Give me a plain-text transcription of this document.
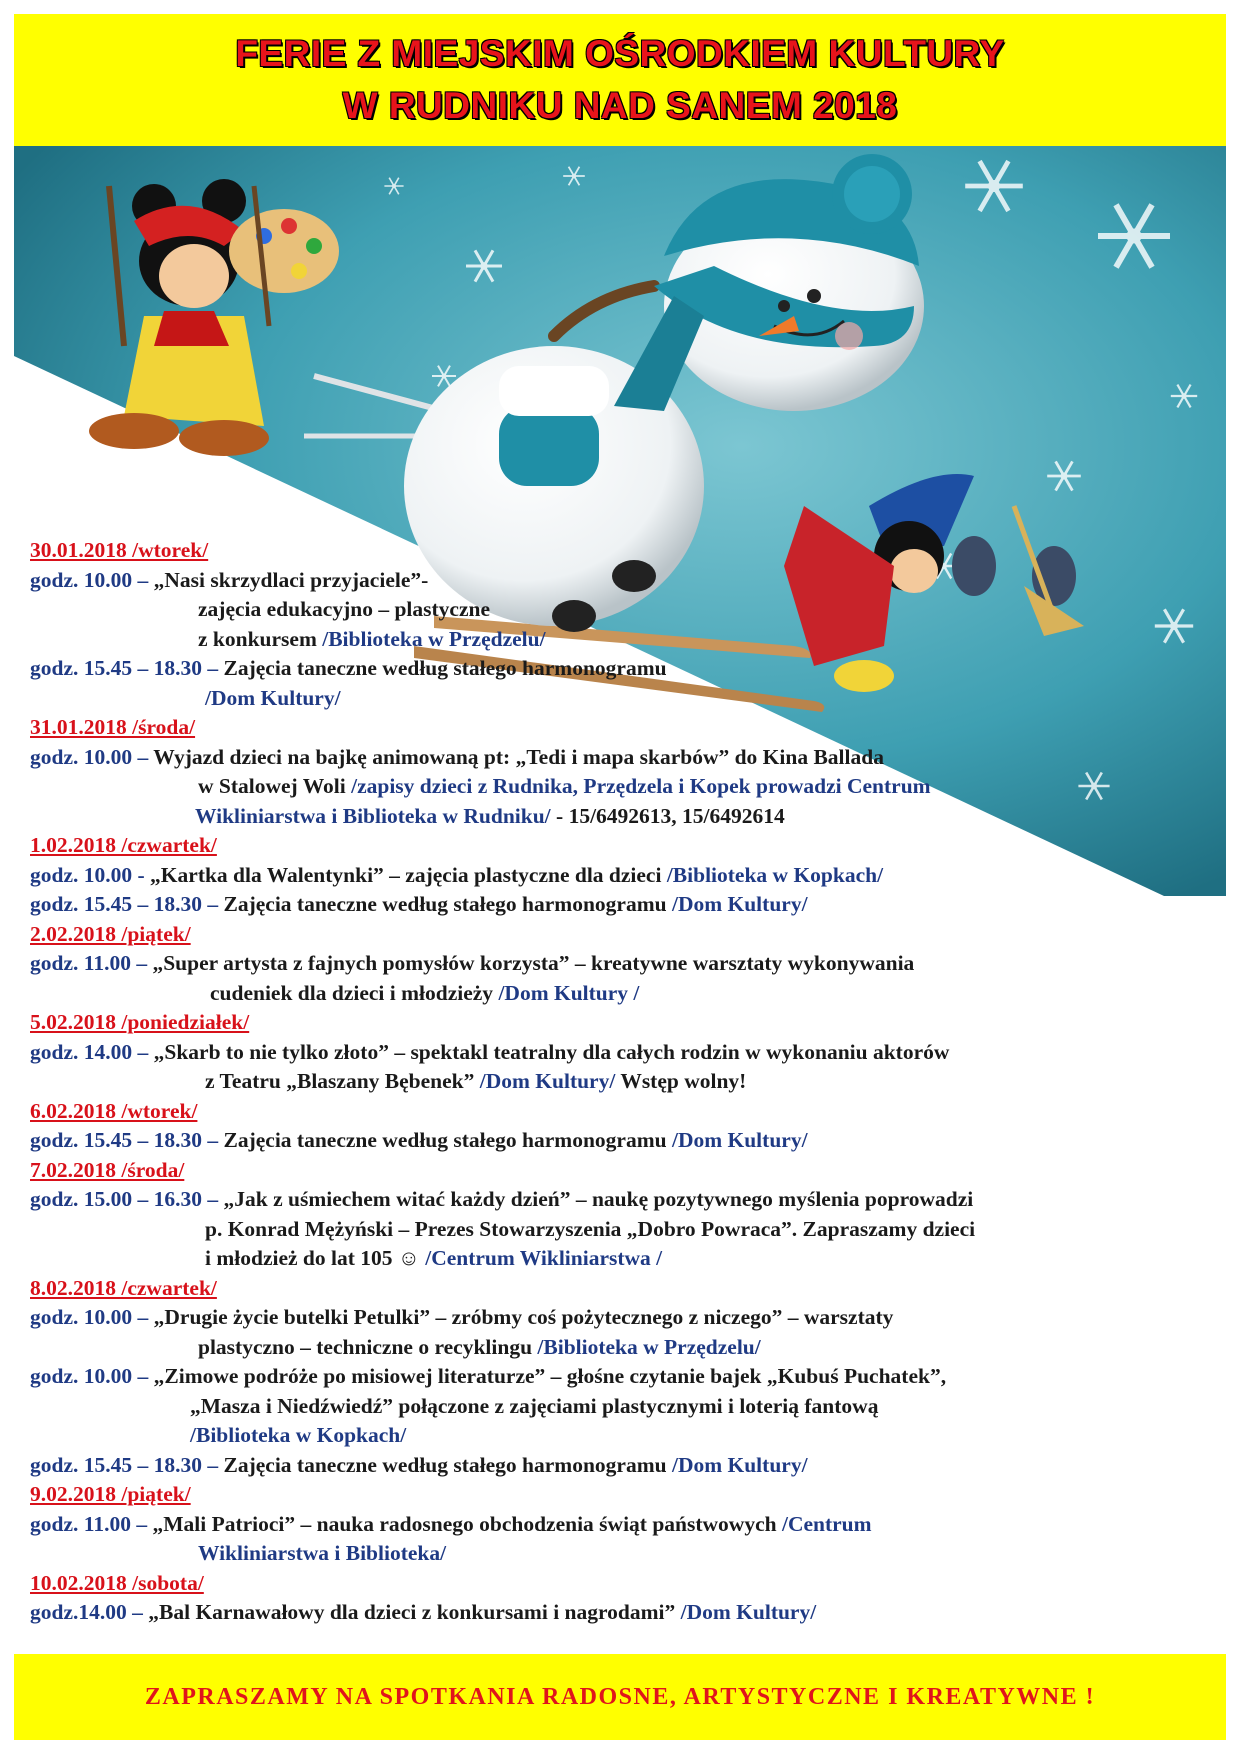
FERIE Z MIEJSKIM OŚRODKIEM KULTURY
W RUDNIKU NAD SANEM 2018
30.01.2018 /wtorek/
godz. 10.00 – „Nasi skrzydlaci przyjaciele”-
zajęcia edukacyjno – plastyczne
z konkursem /Biblioteka w Przędzelu/
godz. 15.45 – 18.30 – Zajęcia taneczne według stałego harmonogramu
/Dom Kultury/
31.01.2018 /środa/
godz. 10.00 – Wyjazd dzieci na bajkę animowaną pt: „Tedi i mapa skarbów” do Kina Ballada
w Stalowej Woli /zapisy dzieci z Rudnika, Przędzela i Kopek prowadzi Centrum
Wikliniarstwa i Biblioteka w Rudniku/ - 15/6492613, 15/6492614
1.02.2018 /czwartek/
godz. 10.00 - „Kartka dla Walentynki” – zajęcia plastyczne dla dzieci /Biblioteka w Kopkach/
godz. 15.45 – 18.30 – Zajęcia taneczne według stałego harmonogramu /Dom Kultury/
2.02.2018 /piątek/
godz. 11.00 – „Super artysta z fajnych pomysłów korzysta” – kreatywne warsztaty wykonywania
cudeniek dla dzieci i młodzieży /Dom Kultury /
5.02.2018 /poniedziałek/
godz. 14.00 – „Skarb to nie tylko złoto” – spektakl teatralny dla całych rodzin w wykonaniu aktorów
z Teatru „Blaszany Bębenek” /Dom Kultury/ Wstęp wolny!
6.02.2018 /wtorek/
godz. 15.45 – 18.30 – Zajęcia taneczne według stałego harmonogramu /Dom Kultury/
7.02.2018 /środa/
godz. 15.00 – 16.30 – „Jak z uśmiechem witać każdy dzień” – naukę pozytywnego myślenia poprowadzi
p. Konrad Mężyński – Prezes Stowarzyszenia „Dobro Powraca”. Zapraszamy dzieci
i młodzież do lat 105 ☺ /Centrum Wikliniarstwa /
8.02.2018 /czwartek/
godz. 10.00 – „Drugie życie butelki Petulki” – zróbmy coś pożytecznego z niczego” – warsztaty
plastyczno – techniczne o recyklingu /Biblioteka w Przędzelu/
godz. 10.00 – „Zimowe podróże po misiowej literaturze” – głośne czytanie bajek „Kubuś Puchatek”,
„Masza i Niedźwiedź” połączone z zajęciami plastycznymi i loterią fantową
/Biblioteka w Kopkach/
godz. 15.45 – 18.30 – Zajęcia taneczne według stałego harmonogramu /Dom Kultury/
9.02.2018 /piątek/
godz. 11.00 – „Mali Patrioci” – nauka radosnego obchodzenia świąt państwowych /Centrum
Wikliniarstwa i Biblioteka/
10.02.2018 /sobota/
godz.14.00 – „Bal Karnawałowy dla dzieci z konkursami i nagrodami” /Dom Kultury/
ZAPRASZAMY NA SPOTKANIA RADOSNE, ARTYSTYCZNE I KREATYWNE !
